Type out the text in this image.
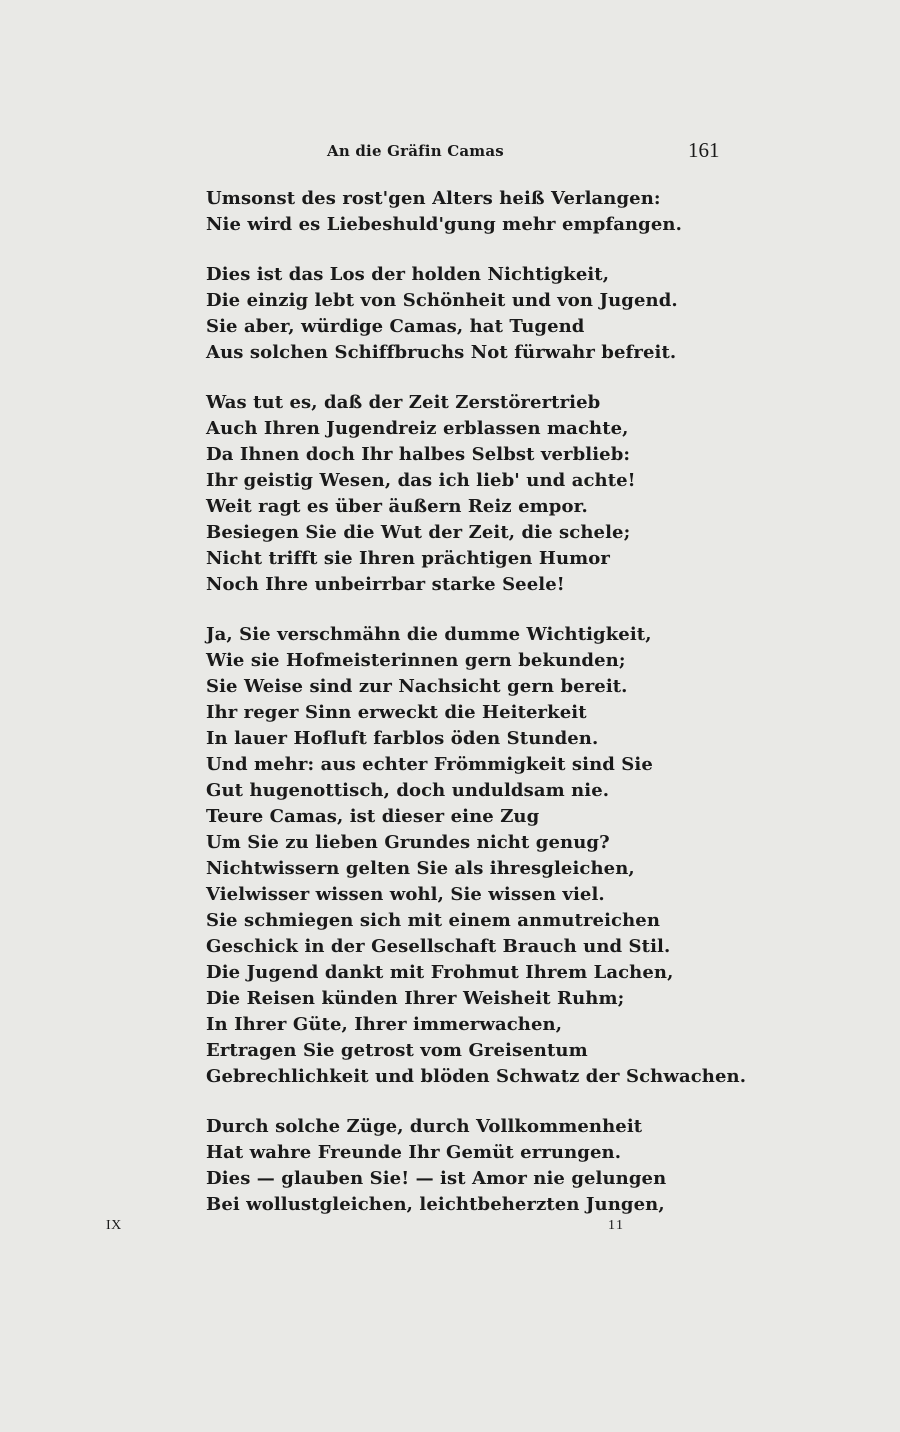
An die Gräfin Camas	161
Umsonst des rost'gen Alters heiß Verlangen:
Nie wird es Liebeshuld'gung mehr empfangen.
Dies ist das Los der holden Nichtigkeit,
Die einzig lebt von Schönheit und von Jugend.
Sie aber, würdige Camas, hat Tugend
Aus solchen Schiffbruchs Not fürwahr befreit.
Was tut es, daß der Zeit Zerstörertrieb
Auch Ihren Jugendreiz erblassen machte,
Da Ihnen doch Ihr halbes Selbst verblieb:
Ihr geistig Wesen, das ich lieb' und achte!
Weit ragt es über äußern Reiz empor.
Besiegen Sie die Wut der Zeit, die schele;
Nicht trifft sie Ihren prächtigen Humor
Noch Ihre unbeirrbar starke Seele!
Ja, Sie verschmähn die dumme Wichtigkeit,
Wie sie Hofmeisterinnen gern bekunden;
Sie Weise sind zur Nachsicht gern bereit.
Ihr reger Sinn erweckt die Heiterkeit
In lauer Hofluft farblos öden Stunden.
Und mehr: aus echter Frömmigkeit sind Sie
Gut hugenottisch, doch unduldsam nie.
Teure Camas, ist dieser eine Zug
Um Sie zu lieben Grundes nicht genug?
Nichtwissern gelten Sie als ihresgleichen,
Vielwisser wissen wohl, Sie wissen viel.
Sie schmiegen sich mit einem anmutreichen
Geschick in der Gesellschaft Brauch und Stil.
Die Jugend dankt mit Frohmut Ihrem Lachen,
Die Reisen künden Ihrer Weisheit Ruhm;
In Ihrer Güte, Ihrer immerwachen,
Ertragen Sie getrost vom Greisentum
Gebrechlichkeit und blöden Schwatz der Schwachen.
Durch solche Züge, durch Vollkommenheit
Hat wahre Freunde Ihr Gemüt errungen.
Dies — glauben Sie! — ist Amor nie gelungen
Bei wollustgleichen, leichtbeherzten Jungen,
IX	11
